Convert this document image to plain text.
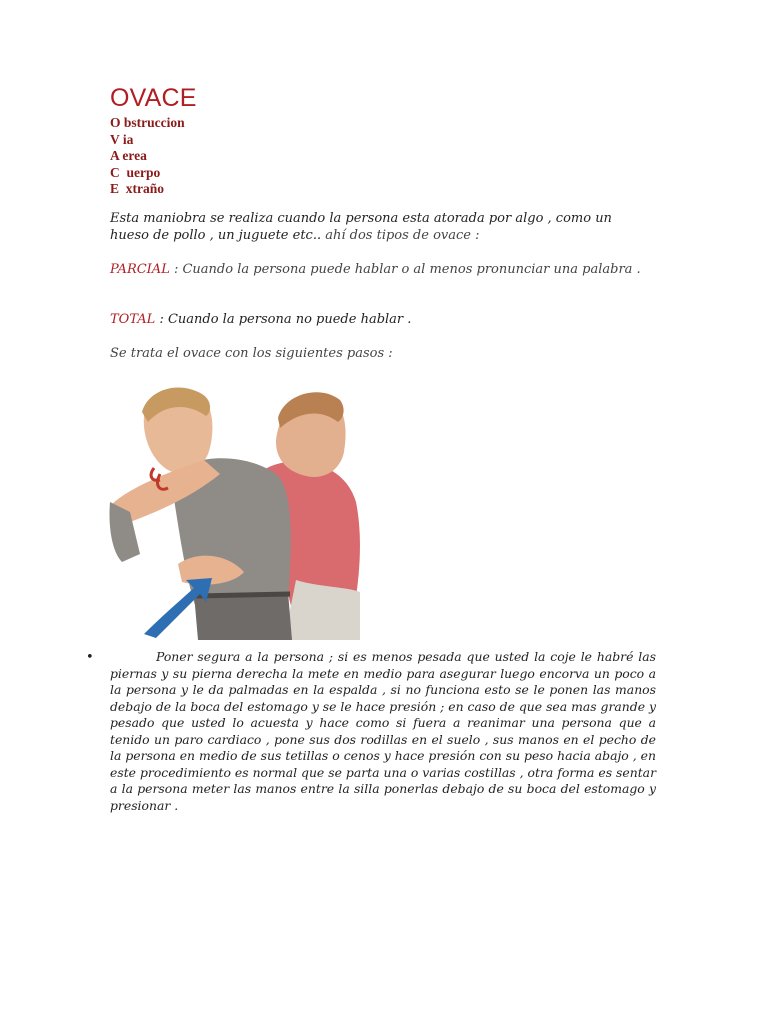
OVACE
O bstruccion
V ia
A erea
C  uerpo
E  xtraño
Esta maniobra se realiza cuando la persona esta atorada por algo , como un hueso de pollo , un juguete etc.. ahí dos tipos de ovace :
PARCIAL : Cuando la persona puede hablar o al menos pronunciar una palabra .
TOTAL : Cuando la persona no puede hablar .
Se trata el ovace con los siguientes pasos :
•	Poner segura a la persona ; si es menos pesada que usted la coje le habré las piernas y su pierna derecha la mete en medio para asegurar luego encorva un poco a la persona y le da palmadas en la espalda , si no funciona esto se le ponen las manos debajo de la boca del estomago y se le hace presión ; en caso de que sea mas grande y pesado que usted lo acuesta y hace como si fuera a reanimar una persona que a tenido un paro cardiaco , pone sus dos rodillas en el suelo , sus manos en el pecho de la persona en medio de sus tetillas o cenos y hace presión con su peso hacia abajo , en este procedimiento es normal que se parta una o varias costillas , otra forma es sentar a la persona meter las manos entre la silla ponerlas debajo de su boca del estomago y presionar .
